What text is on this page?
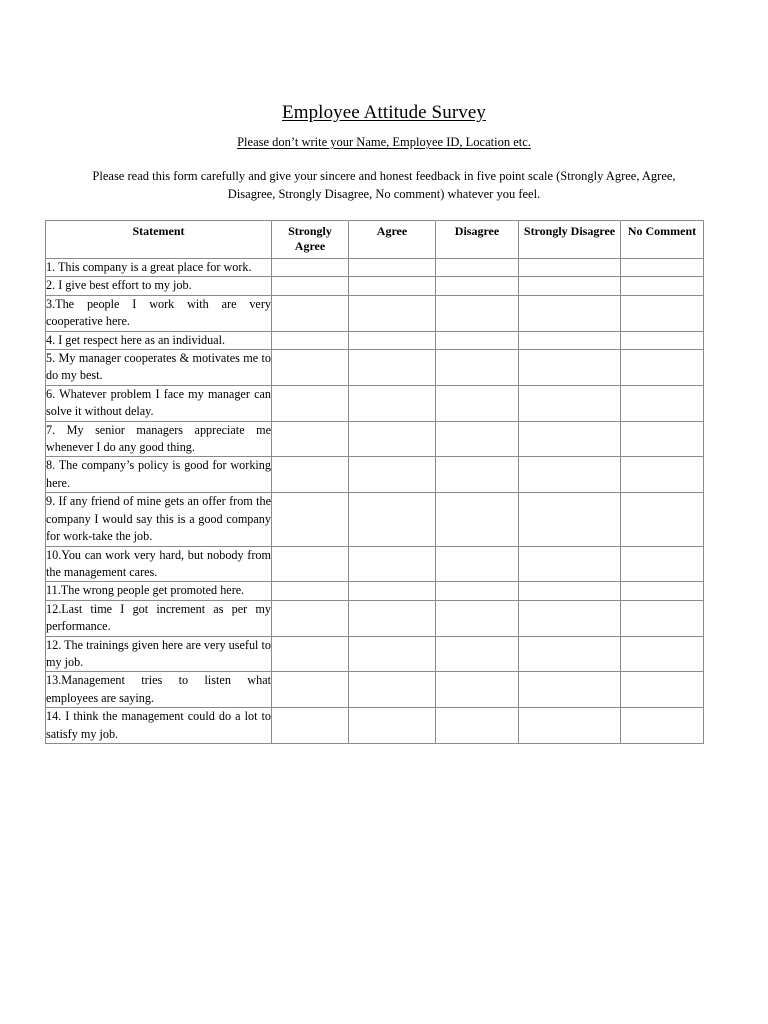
Employee Attitude Survey
Please don’t write your Name, Employee ID, Location etc.
Please read this form carefully and give your sincere and honest feedback in five point scale (Strongly Agree, Agree, Disagree, Strongly Disagree, No comment) whatever you feel.
Statement	Strongly Agree	Agree	Disagree	Strongly Disagree	No Comment
1. This company is a great place for work.					
2. I give best effort to my job.					
3.The people I work with are very cooperative here.					
4. I get respect here as an individual.					
5. My manager cooperates & motivates me to do my best.					
6. Whatever problem I face my manager can solve it without delay.					
7. My senior managers appreciate me whenever I do any good thing.					
8. The company’s policy is good for working here.					
9. If any friend of mine gets an offer from the company I would say this is a good company for work-take the job.					
10.You can work very hard, but nobody from the management cares.					
11.The wrong people get promoted here.					
12.Last time I got increment as per my performance.					
12. The trainings given here are very useful to my job.					
13.Management tries to listen what employees are saying.					
14. I think the management could do a lot to satisfy my job.					
